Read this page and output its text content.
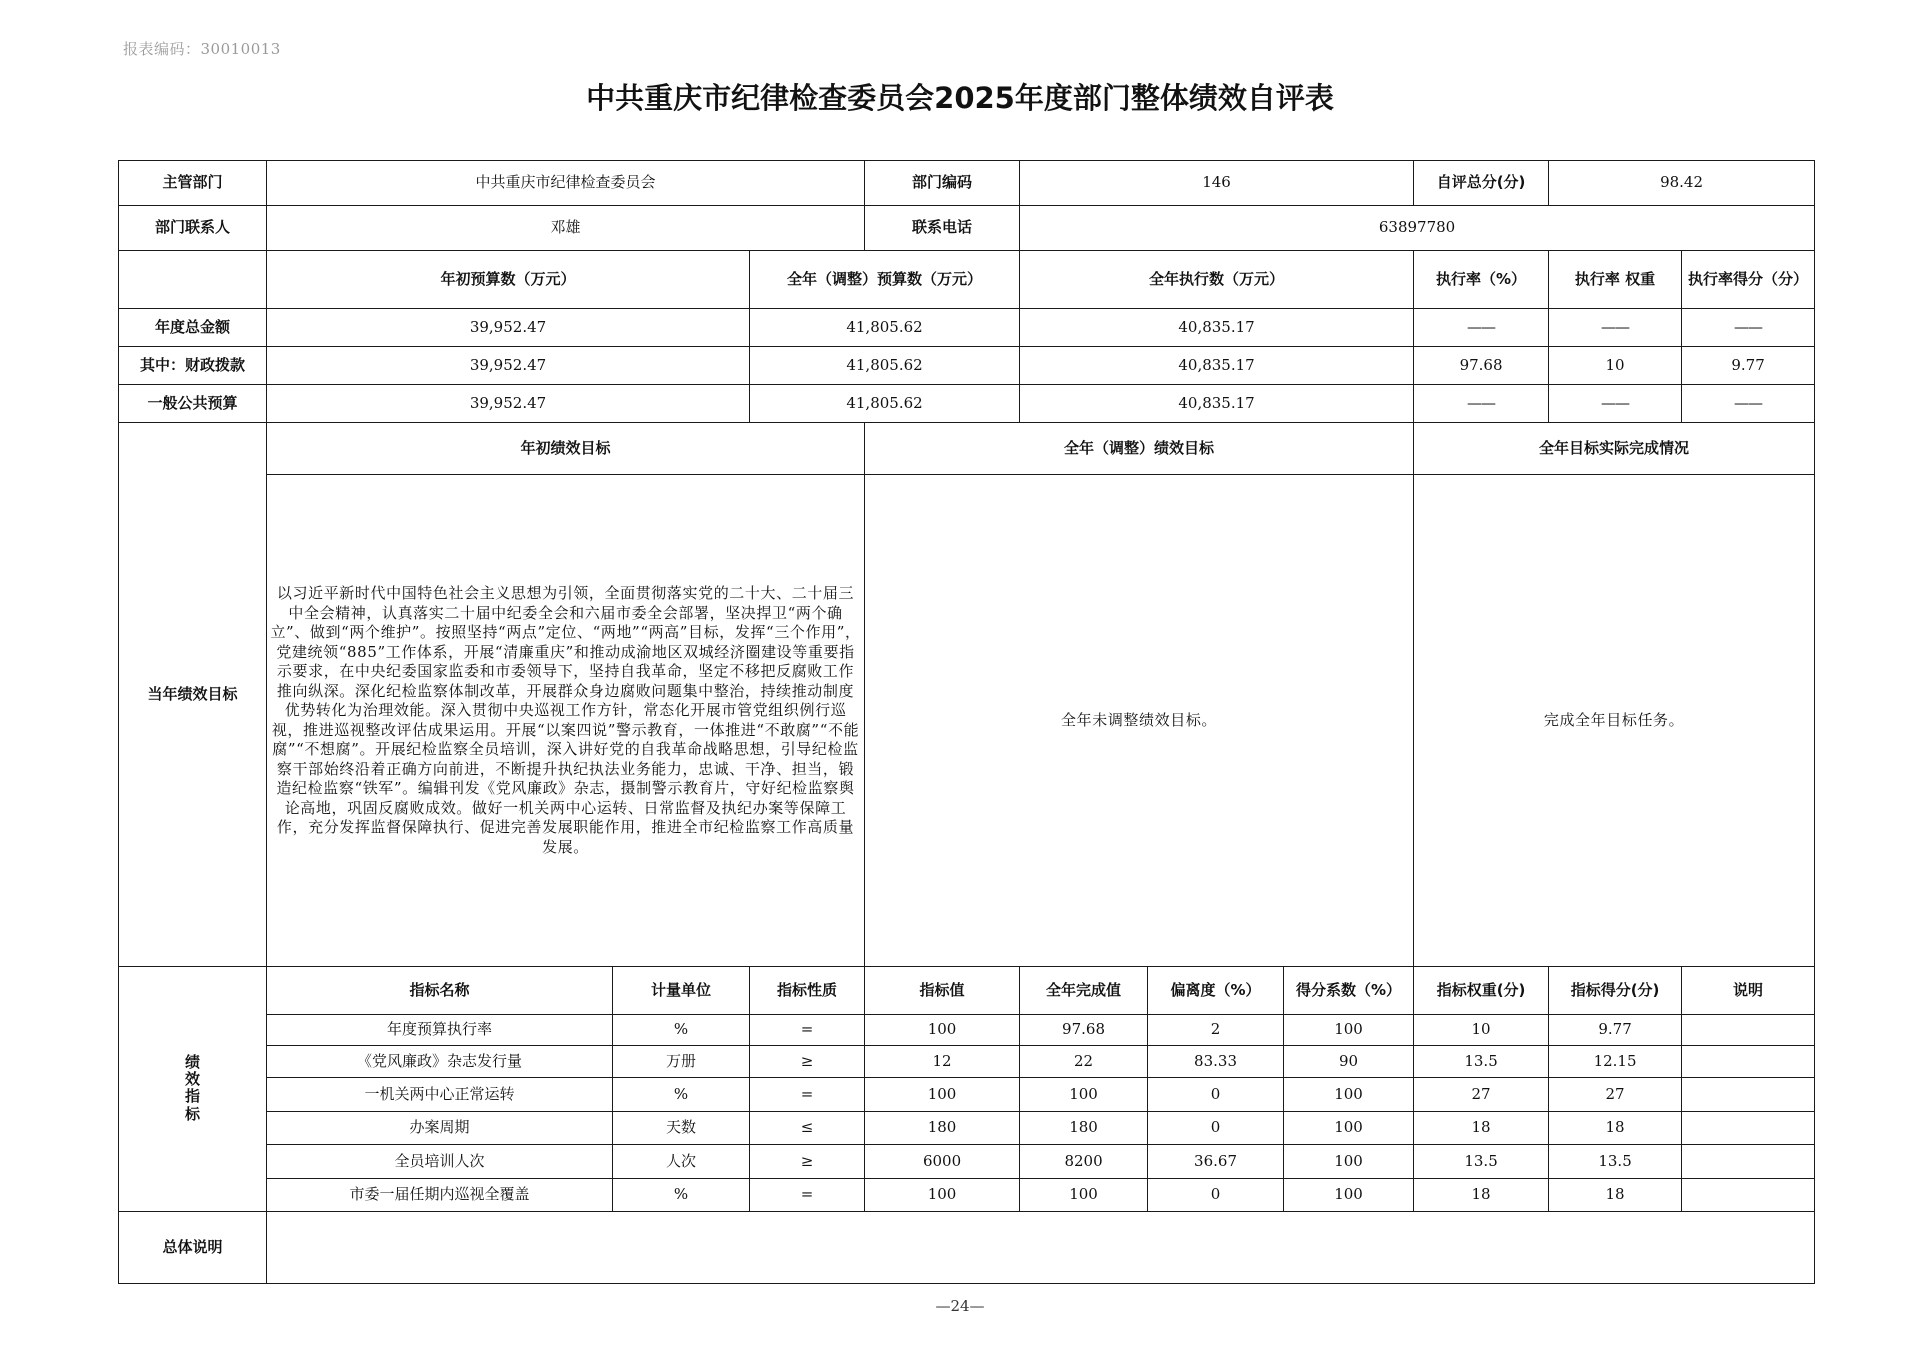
报表编码：30010013
中共重庆市纪律检查委员会2025年度部门整体绩效自评表
主管部门	中共重庆市纪律检查委员会			部门编码	146			自评总分(分)	98.42	
部门联系人	邓雄			联系电话	63897780					
	年初预算数（万元）		全年（调整）预算数（万元）		全年执行数（万元）			执行率（%）	执行率 权重	执行率得分（分）
年度总金额	39,952.47		41,805.62		40,835.17			——	——	——
其中：财政拨款	39,952.47		41,805.62		40,835.17			97.68	10	9.77
一般公共预算	39,952.47		41,805.62		40,835.17			——	——	——
当年绩效目标	年初绩效目标			全年（调整）绩效目标				全年目标实际完成情况		
	以习近平新时代中国特色社会主义思想为引领，全面贯彻落实党的二十大、二十届三中全会精神，认真落实二十届中纪委全会和六届市委全会部署，坚决捍卫“两个确立”、做到“两个维护”。按照坚持“两点”定位、“两地”“两高”目标，发挥“三个作用”，党建统领“885”工作体系，开展“清廉重庆”和推动成渝地区双城经济圈建设等重要指示要求，在中央纪委国家监委和市委领导下，坚持自我革命，坚定不移把反腐败工作推向纵深。深化纪检监察体制改革，开展群众身边腐败问题集中整治，持续推动制度优势转化为治理效能。深入贯彻中央巡视工作方针，常态化开展市管党组织例行巡视，推进巡视整改评估成果运用。开展“以案四说”警示教育，一体推进“不敢腐”“不能腐”“不想腐”。开展纪检监察全员培训，深入讲好党的自我革命战略思想，引导纪检监察干部始终沿着正确方向前进，不断提升执纪执法业务能力，忠诚、干净、担当，锻造纪检监察“铁军”。编辑刊发《党风廉政》杂志，摄制警示教育片，守好纪检监察舆论高地，巩固反腐败成效。做好一机关两中心运转、日常监督及执纪办案等保障工作，充分发挥监督保障执行、促进完善发展职能作用，推进全市纪检监察工作高质量发展。			全年未调整绩效目标。				完成全年目标任务。		
绩效指标	指标名称	计量单位	指标性质	指标值	全年完成值	偏离度（%）	得分系数（%）	指标权重(分)	指标得分(分)	说明
	年度预算执行率	%	=	100	97.68	2	100	10	9.77	
	《党风廉政》杂志发行量	万册	≥	12	22	83.33	90	13.5	12.15	
	一机关两中心正常运转	%	=	100	100	0	100	27	27	
	办案周期	天数	≤	180	180	0	100	18	18	
	全员培训人次	人次	≥	6000	8200	36.67	100	13.5	13.5	
	市委一届任期内巡视全覆盖	%	=	100	100	0	100	18	18	
总体说明										
—24—
